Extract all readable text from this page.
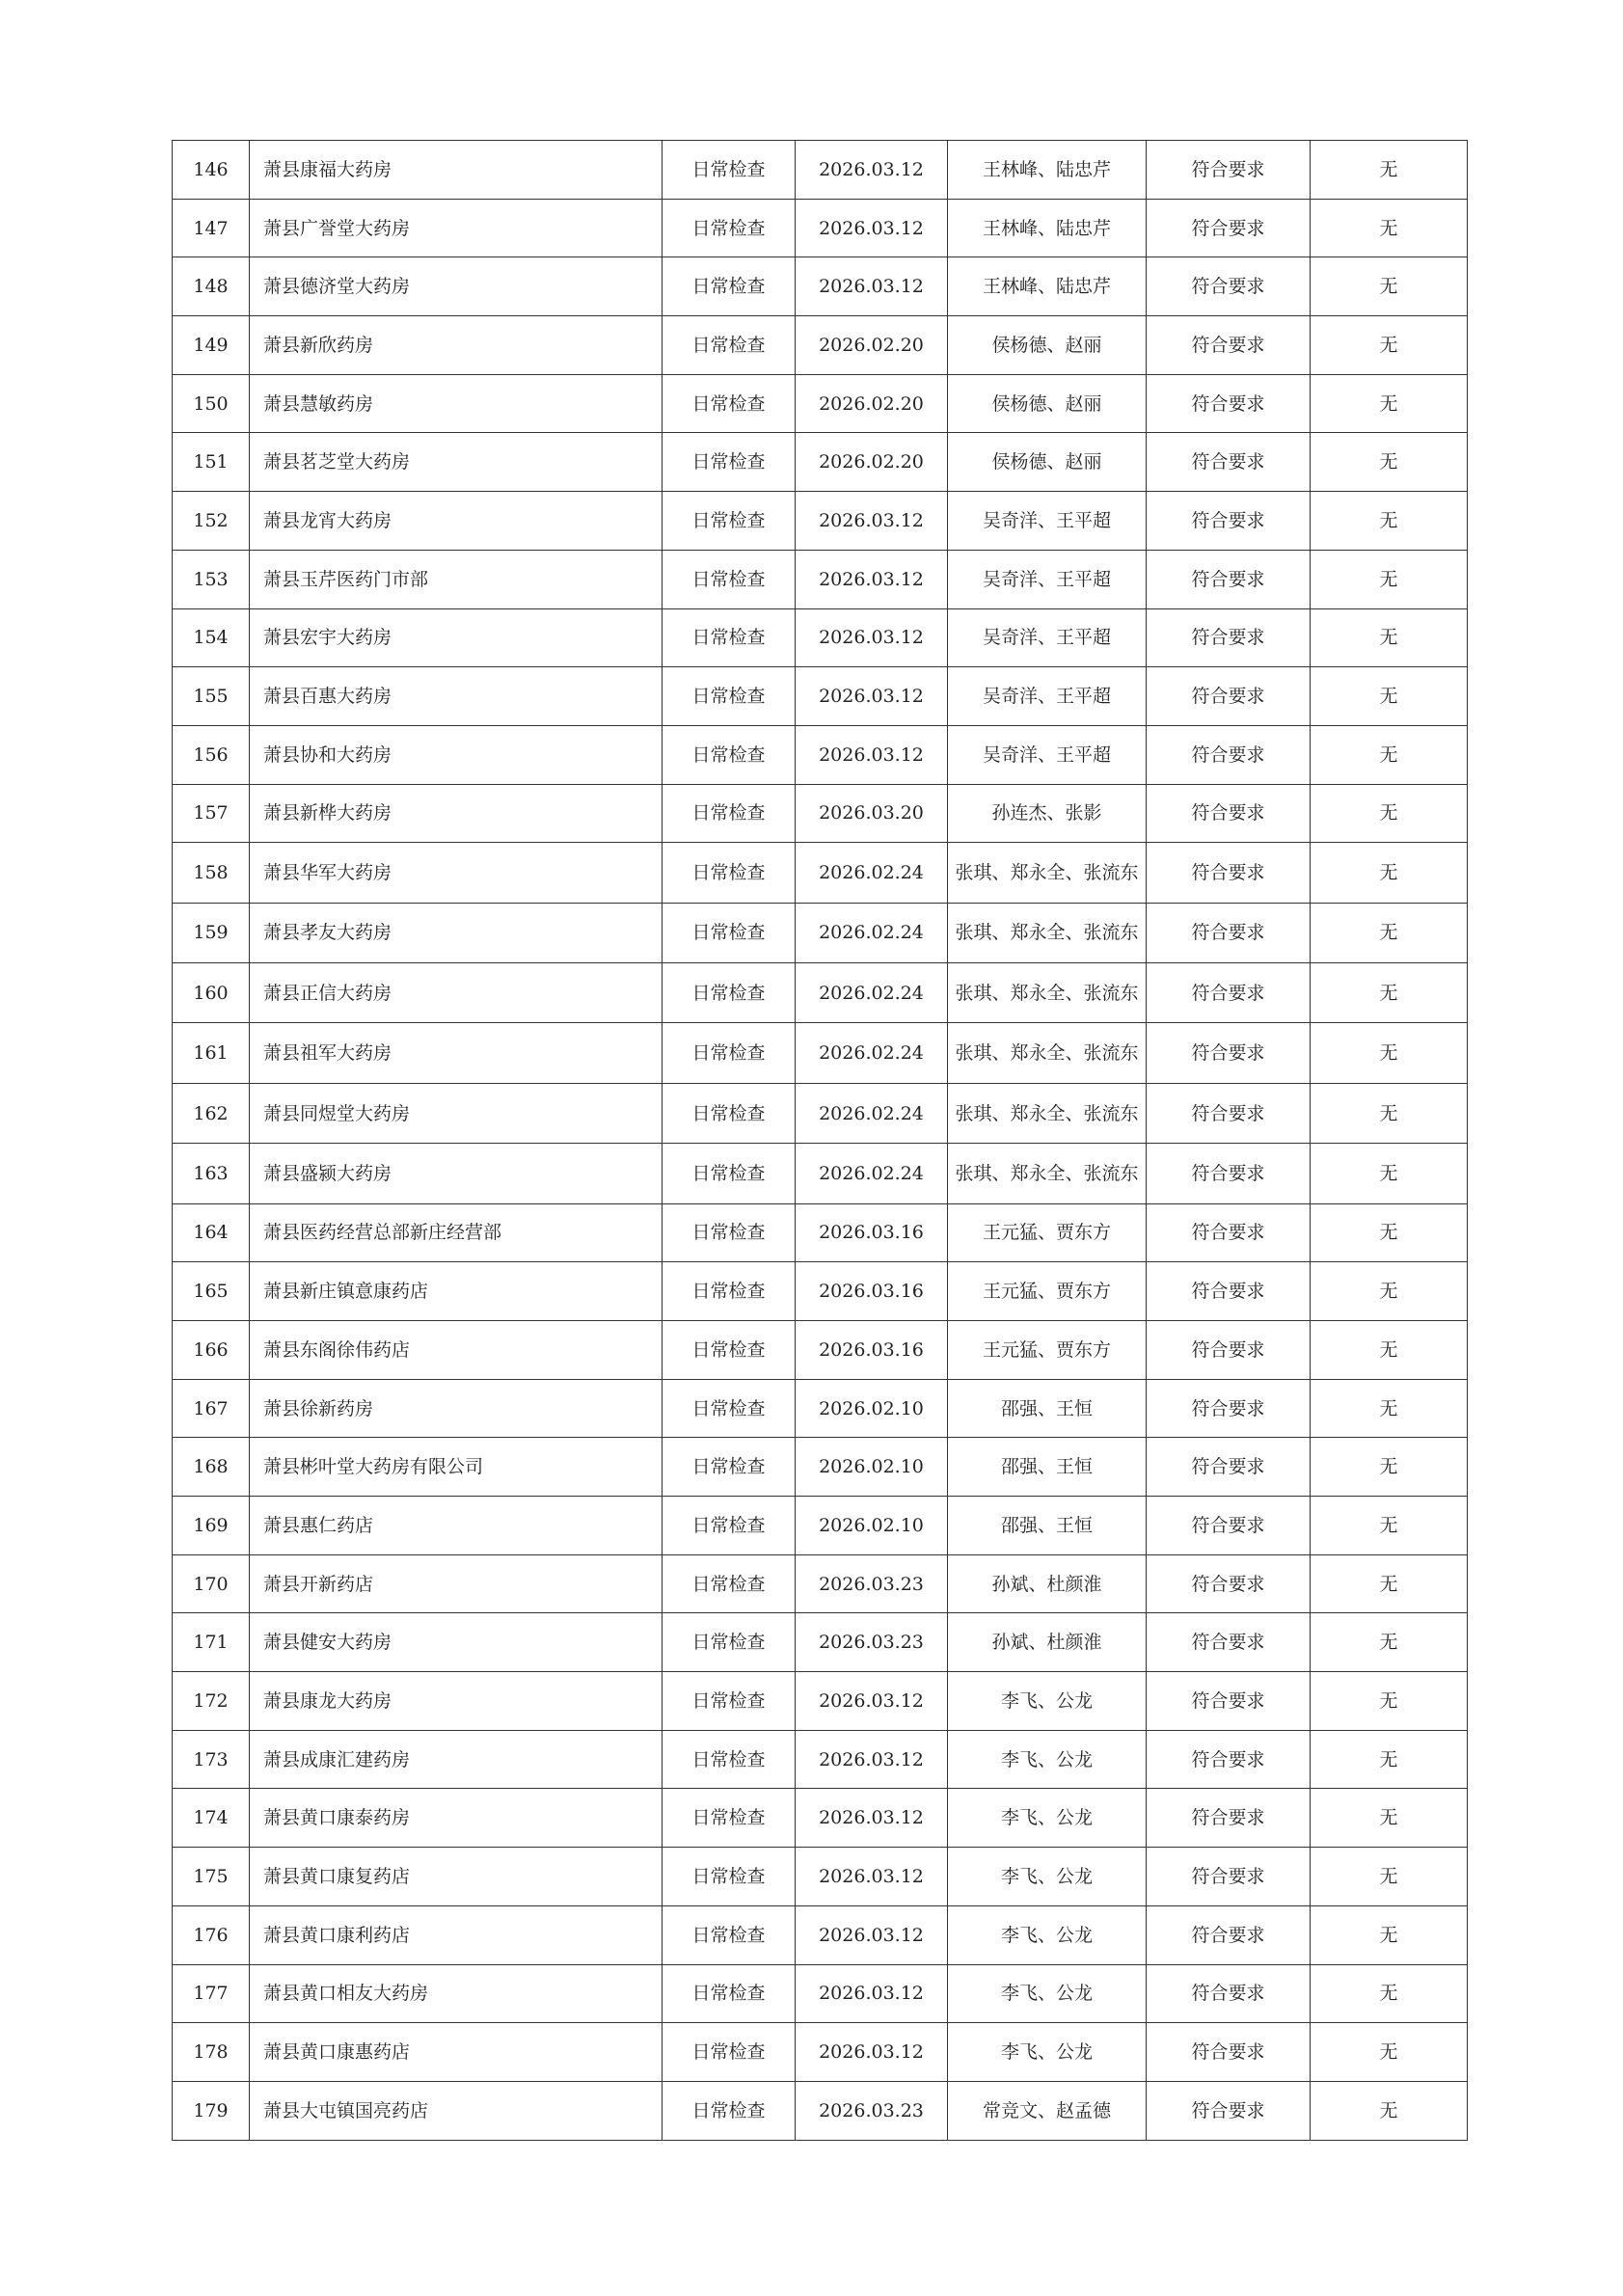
146	萧县康福大药房	日常检查	2026.03.12	王林峰、陆忠芹	符合要求	无
147	萧县广誉堂大药房	日常检查	2026.03.12	王林峰、陆忠芹	符合要求	无
148	萧县德济堂大药房	日常检查	2026.03.12	王林峰、陆忠芹	符合要求	无
149	萧县新欣药房	日常检查	2026.02.20	侯杨德、赵丽	符合要求	无
150	萧县慧敏药房	日常检查	2026.02.20	侯杨德、赵丽	符合要求	无
151	萧县茗芝堂大药房	日常检查	2026.02.20	侯杨德、赵丽	符合要求	无
152	萧县龙宵大药房	日常检查	2026.03.12	吴奇洋、王平超	符合要求	无
153	萧县玉芹医药门市部	日常检查	2026.03.12	吴奇洋、王平超	符合要求	无
154	萧县宏宇大药房	日常检查	2026.03.12	吴奇洋、王平超	符合要求	无
155	萧县百惠大药房	日常检查	2026.03.12	吴奇洋、王平超	符合要求	无
156	萧县协和大药房	日常检查	2026.03.12	吴奇洋、王平超	符合要求	无
157	萧县新桦大药房	日常检查	2026.03.20	孙连杰、张影	符合要求	无
158	萧县华军大药房	日常检查	2026.02.24	张琪、郑永全、张流东	符合要求	无
159	萧县孝友大药房	日常检查	2026.02.24	张琪、郑永全、张流东	符合要求	无
160	萧县正信大药房	日常检查	2026.02.24	张琪、郑永全、张流东	符合要求	无
161	萧县祖军大药房	日常检查	2026.02.24	张琪、郑永全、张流东	符合要求	无
162	萧县同煜堂大药房	日常检查	2026.02.24	张琪、郑永全、张流东	符合要求	无
163	萧县盛颍大药房	日常检查	2026.02.24	张琪、郑永全、张流东	符合要求	无
164	萧县医药经营总部新庄经营部	日常检查	2026.03.16	王元猛、贾东方	符合要求	无
165	萧县新庄镇意康药店	日常检查	2026.03.16	王元猛、贾东方	符合要求	无
166	萧县东阁徐伟药店	日常检查	2026.03.16	王元猛、贾东方	符合要求	无
167	萧县徐新药房	日常检查	2026.02.10	邵强、王恒	符合要求	无
168	萧县彬叶堂大药房有限公司	日常检查	2026.02.10	邵强、王恒	符合要求	无
169	萧县惠仁药店	日常检查	2026.02.10	邵强、王恒	符合要求	无
170	萧县开新药店	日常检查	2026.03.23	孙斌、杜颜淮	符合要求	无
171	萧县健安大药房	日常检查	2026.03.23	孙斌、杜颜淮	符合要求	无
172	萧县康龙大药房	日常检查	2026.03.12	李飞、公龙	符合要求	无
173	萧县成康汇建药房	日常检查	2026.03.12	李飞、公龙	符合要求	无
174	萧县黄口康泰药房	日常检查	2026.03.12	李飞、公龙	符合要求	无
175	萧县黄口康复药店	日常检查	2026.03.12	李飞、公龙	符合要求	无
176	萧县黄口康利药店	日常检查	2026.03.12	李飞、公龙	符合要求	无
177	萧县黄口相友大药房	日常检查	2026.03.12	李飞、公龙	符合要求	无
178	萧县黄口康惠药店	日常检查	2026.03.12	李飞、公龙	符合要求	无
179	萧县大屯镇国亮药店	日常检查	2026.03.23	常竞文、赵孟德	符合要求	无
